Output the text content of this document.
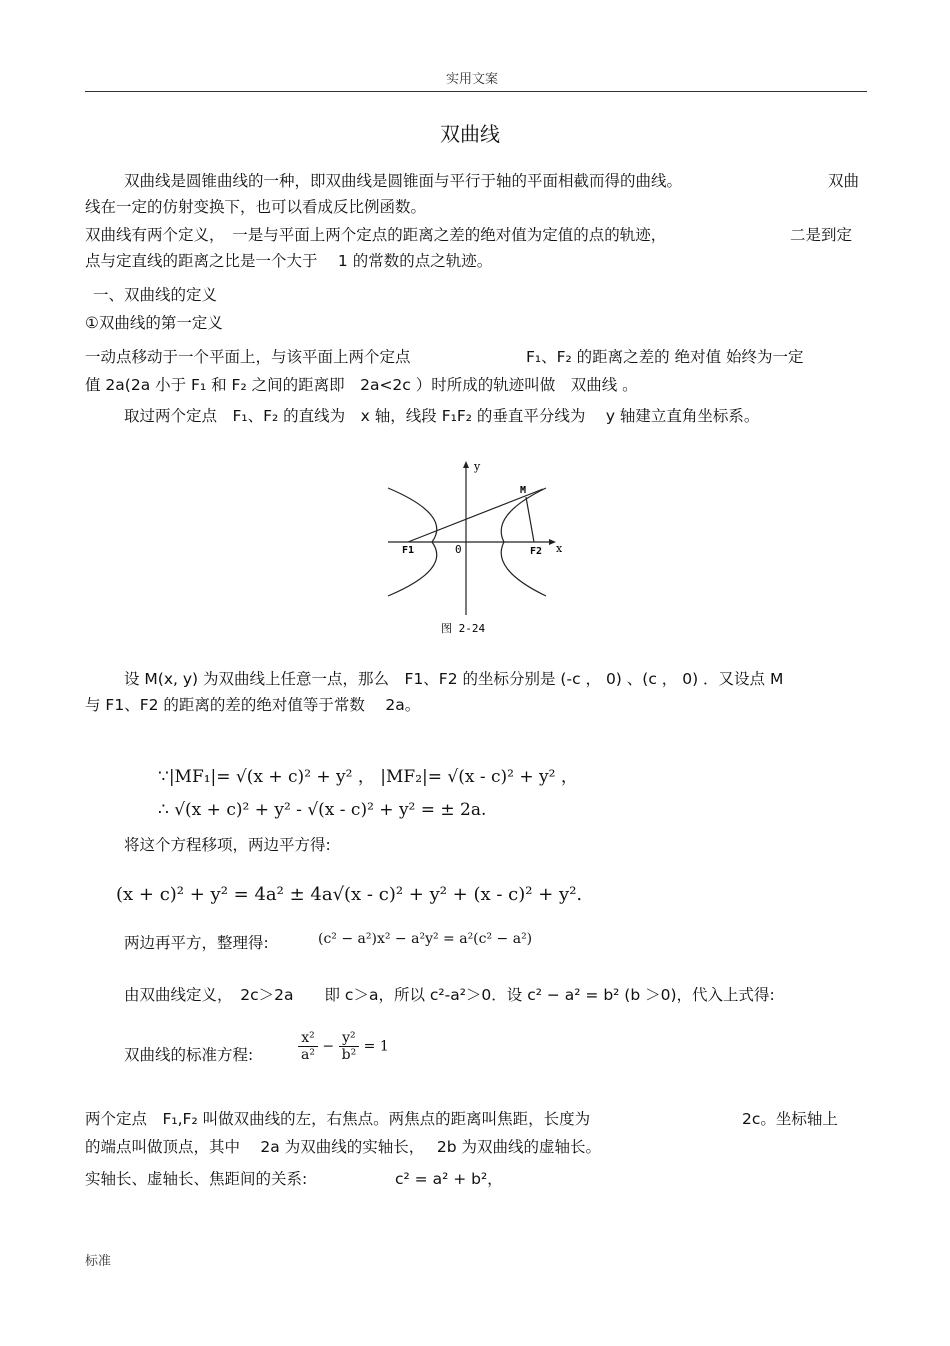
实用文案
双曲线
双曲线是圆锥曲线的一种，即双曲线是圆锥面与平行于轴的平面相截而得的曲线。	双曲
线在一定的仿射变换下，也可以看成反比例函数。
双曲线有两个定义，　一是与平面上两个定点的距离之差的绝对值为定值的点的轨迹，	二是到定
点与定直线的距离之比是一个大于　 1 的常数的点之轨迹。
一、双曲线的定义
①双曲线的第一定义
一动点移动于一个平面上，与该平面上两个定点	F₁、F₂ 的距离之差的 绝对值 始终为一定
值 2a(2a 小于 F₁ 和 F₂ 之间的距离即　2a<2c ）时所成的轨迹叫做　双曲线 。
取过两个定点　F₁、F₂ 的直线为　x 轴，线段 F₁F₂ 的垂直平分线为　 y 轴建立直角坐标系。
y
M
F1	0	F2 x
图 2-24
设 M(x, y) 为双曲线上任意一点，那么　F1、F2 的坐标分别是 (-c ， 0) 、(c ， 0) ．又设点 M
与 F1、F2 的距离的差的绝对值等于常数　 2a。
∵|MF₁|= √(x + c)² + y² ， |MF₂|= √(x - c)² + y² ，
∴ √(x + c)² + y² - √(x - c)² + y² = ± 2a.
将这个方程移项，两边平方得:
(x + c)² + y² = 4a² ± 4a√(x - c)² + y² + (x - c)² + y².
两边再平方，整理得:	(c² − a²)x² − a²y² = a²(c² − a²)
由双曲线定义，　2c＞2a　　即 c＞a，所以 c²-a²＞0．设 c² − a² = b² (b ＞0)，代入上式得:
双曲线的标准方程:	$\frac{\text{x²}}{\text{a²}} - \frac{\text{y²}}{\text{b²}} = 1$
两个定点　F₁,F₂ 叫做双曲线的左，右焦点。两焦点的距离叫焦距，长度为	2c。坐标轴上
的端点叫做顶点，其中　 2a 为双曲线的实轴长，　 2b 为双曲线的虚轴长。
实轴长、虚轴长、焦距间的关系:	c² = a² + b²，
标准
